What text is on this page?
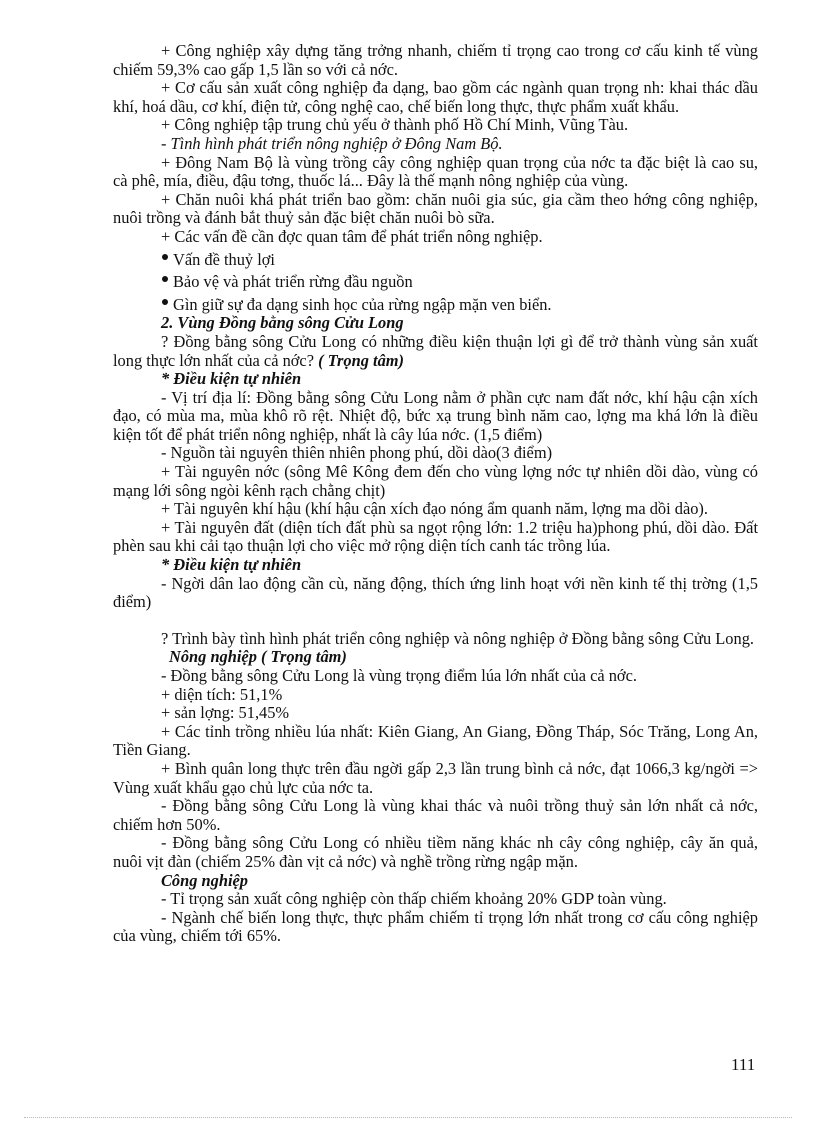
+ Công nghiệp xây dựng tăng trởng nhanh, chiếm tỉ trọng cao trong cơ cấu kinh tế vùng chiếm 59,3% cao gấp 1,5 lần so với cả nớc.

+ Cơ cấu sản xuất công nghiệp đa dạng, bao gồm các ngành quan trọng nh: khai thác dầu khí, hoá dầu, cơ khí, điện tử, công nghệ cao, chế biến long thực, thực phẩm xuất khẩu.

+ Công nghiệp tập trung chủ yếu ở thành phố Hồ Chí Minh, Vũng Tàu.

- Tình hình phát triển nông nghiệp ở Đông Nam Bộ.

+ Đông Nam Bộ là vùng trồng cây công nghiệp quan trọng của nớc ta đặc biệt là cao su, cà phê, mía, điều, đậu tơng, thuốc lá... Đây là thế mạnh nông nghiệp của vùng.

+ Chăn nuôi khá phát triển bao gồm: chăn nuôi gia súc, gia cầm theo hớng công nghiệp, nuôi trồng và đánh bắt thuỷ sản đặc biệt chăn nuôi bò sữa.

+ Các vấn đề cần đợc quan tâm để phát triển nông nghiệp.

Vấn đề thuỷ lợi

Bảo vệ và phát triển rừng đầu nguồn

Gìn giữ sự đa dạng sinh học của rừng ngập mặn ven biển.

2. Vùng Đồng bằng sông Cửu Long

? Đồng bằng sông Cửu Long có những điều kiện thuận lợi gì để trở thành vùng sản xuất long thực lớn nhất của cả nớc? ( Trọng tâm)

* Điều kiện tự nhiên

- Vị trí địa lí: Đồng bằng sông Cửu Long nằm ở phần cực nam đất nớc, khí hậu cận xích đạo, có mùa ma, mùa khô rõ rệt. Nhiệt độ, bức xạ trung bình năm cao, lợng ma khá lớn là điều kiện tốt để phát triển nông nghiệp, nhất là cây lúa nớc. (1,5 điểm)

- Nguồn tài nguyên thiên nhiên phong phú, dồi dào(3 điểm)

+ Tài nguyên nớc (sông Mê Kông đem đến cho vùng lợng nớc tự nhiên dồi dào, vùng có mạng lới sông ngòi kênh rạch chằng chịt)

+ Tài nguyên khí hậu (khí hậu cận xích đạo nóng ẩm quanh năm, lợng ma dồi dào).

+ Tài nguyên đất (diện tích đất phù sa ngọt rộng lớn: 1.2 triệu ha)phong phú, dồi dào. Đất phèn sau khi cải tạo thuận lợi cho việc mở rộng diện tích canh tác trồng lúa.

* Điều kiện tự nhiên

- Ngời dân lao động cần cù, năng động, thích ứng linh hoạt với nền kinh tế thị trờng (1,5 điểm)

? Trình bày tình hình phát triển công nghiệp và nông nghiệp ở Đồng bằng sông Cửu Long.

Nông nghiệp ( Trọng tâm)

- Đồng bằng sông Cửu Long là vùng trọng điểm lúa lớn nhất của cả nớc.

+ diện tích: 51,1%

+ sản lợng: 51,45%

+ Các tỉnh trồng nhiều lúa nhất: Kiên Giang, An Giang, Đồng Tháp, Sóc Trăng, Long An, Tiền Giang.

+ Bình quân long thực trên đầu ngời gấp 2,3 lần trung bình cả nớc, đạt 1066,3 kg/ngời => Vùng xuất khẩu gạo chủ lực của nớc ta.

- Đồng bằng sông Cửu Long là vùng khai thác và nuôi trồng thuỷ sản lớn nhất cả nớc, chiếm hơn 50%.

- Đồng bằng sông Cửu Long có nhiều tiềm năng khác nh cây công nghiệp, cây ăn quả, nuôi vịt đàn (chiếm 25% đàn vịt cả nớc) và nghề trồng rừng ngập mặn.

Công nghiệp

- Tỉ trọng sản xuất công nghiệp còn thấp chiếm khoảng 20% GDP toàn vùng.

- Ngành chế biến long thực, thực phẩm chiếm tỉ trọng lớn nhất trong cơ cấu công nghiệp của vùng, chiếm tới 65%.

111
